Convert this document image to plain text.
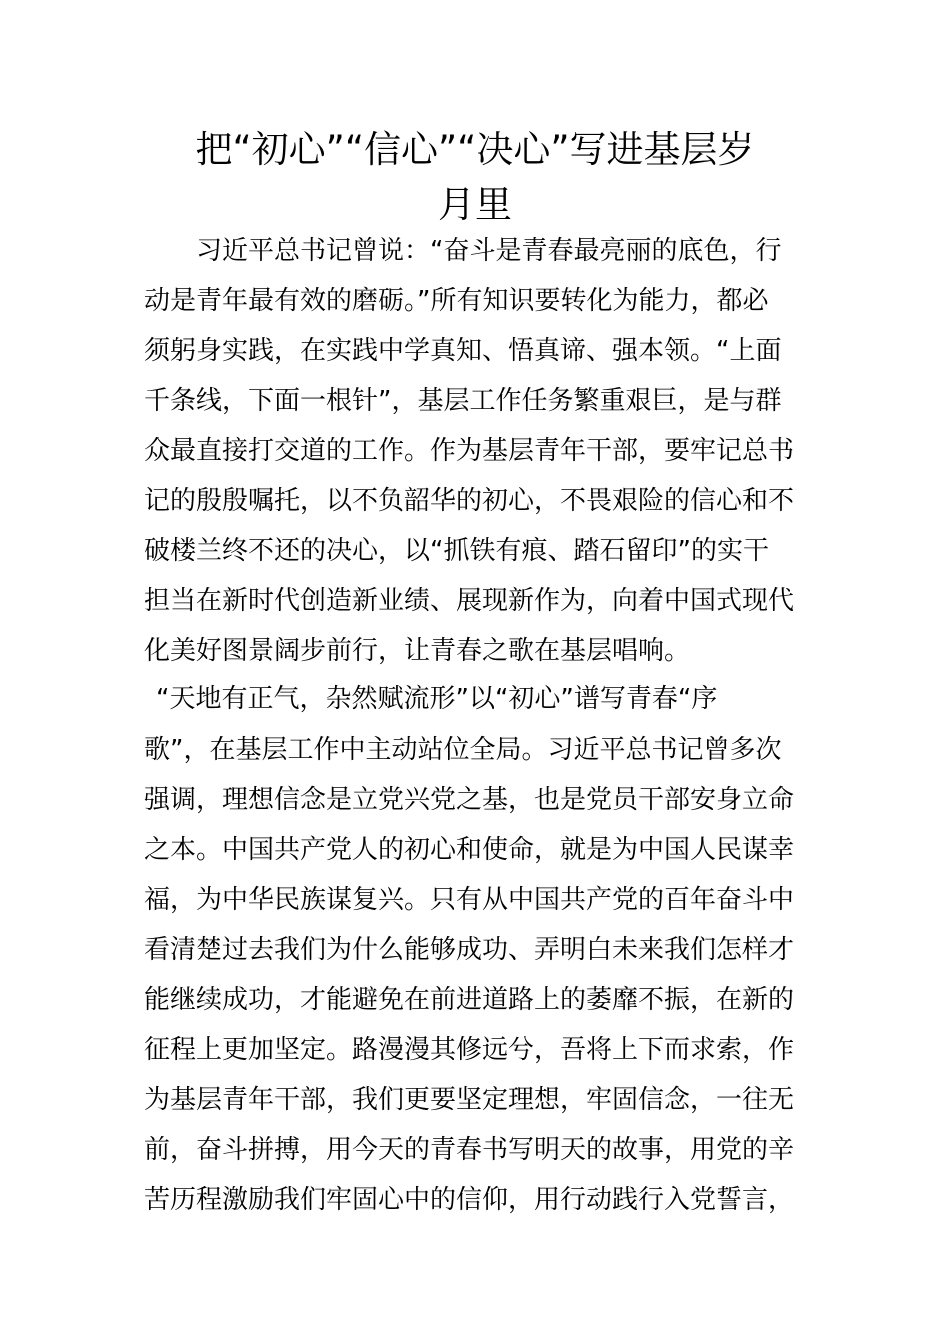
把“初心”“信心”“决心”写进基层岁
月里
　　习近平总书记曾说：“奋斗是青春最亮丽的底色，行
动是青年最有效的磨砺。”所有知识要转化为能力，都必
须躬身实践，在实践中学真知、悟真谛、强本领。“上面
千条线，下面一根针”，基层工作任务繁重艰巨，是与群
众最直接打交道的工作。作为基层青年干部，要牢记总书
记的殷殷嘱托，以不负韶华的初心，不畏艰险的信心和不
破楼兰终不还的决心，以“抓铁有痕、踏石留印”的实干
担当在新时代创造新业绩、展现新作为，向着中国式现代
化美好图景阔步前行，让青春之歌在基层唱响。
“天地有正气，杂然赋流形”以“初心”谱写青春“序
歌”，在基层工作中主动站位全局。习近平总书记曾多次
强调，理想信念是立党兴党之基，也是党员干部安身立命
之本。中国共产党人的初心和使命，就是为中国人民谋幸
福，为中华民族谋复兴。只有从中国共产党的百年奋斗中
看清楚过去我们为什么能够成功、弄明白未来我们怎样才
能继续成功，才能避免在前进道路上的萎靡不振，在新的
征程上更加坚定。路漫漫其修远兮，吾将上下而求索，作
为基层青年干部，我们更要坚定理想，牢固信念，一往无
前，奋斗拼搏，用今天的青春书写明天的故事，用党的辛
苦历程激励我们牢固心中的信仰，用行动践行入党誓言，
